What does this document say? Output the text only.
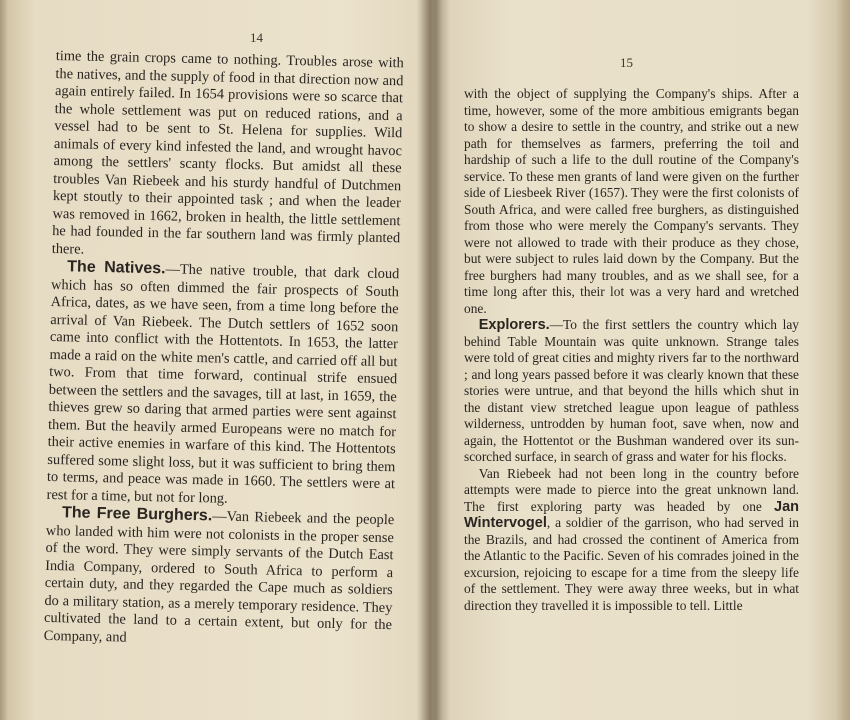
14

time the grain crops came to nothing. Troubles arose with the natives, and the supply of food in that direction now and again entirely failed. In 1654 provisions were so scarce that the whole settlement was put on reduced rations, and a vessel had to be sent to St. Helena for supplies. Wild animals of every kind infested the land, and wrought havoc among the settlers' scanty flocks. But amidst all these troubles Van Riebeek and his sturdy handful of Dutchmen kept stoutly to their appointed task ; and when the leader was removed in 1662, broken in health, the little settlement he had founded in the far southern land was firmly planted there.

The Natives.—The native trouble, that dark cloud which has so often dimmed the fair prospects of South Africa, dates, as we have seen, from a time long before the arrival of Van Riebeek. The Dutch settlers of 1652 soon came into conflict with the Hottentots. In 1653, the latter made a raid on the white men's cattle, and carried off all but two. From that time forward, continual strife ensued between the settlers and the savages, till at last, in 1659, the thieves grew so daring that armed parties were sent against them. But the heavily armed Europeans were no match for their active enemies in warfare of this kind. The Hottentots suffered some slight loss, but it was sufficient to bring them to terms, and peace was made in 1660. The settlers were at rest for a time, but not for long.

The Free Burghers.—Van Riebeek and the people who landed with him were not colonists in the proper sense of the word. They were simply servants of the Dutch East India Company, ordered to South Africa to perform a certain duty, and they regarded the Cape much as soldiers do a military station, as a merely temporary residence. They cultivated the land to a certain extent, but only for the Company, and

15

with the object of supplying the Company's ships. After a time, however, some of the more ambitious emigrants began to show a desire to settle in the country, and strike out a new path for themselves as farmers, preferring the toil and hardship of such a life to the dull routine of the Company's service. To these men grants of land were given on the further side of Liesbeek River (1657). They were the first colonists of South Africa, and were called free burghers, as distinguished from those who were merely the Company's servants. They were not allowed to trade with their produce as they chose, but were subject to rules laid down by the Company. But the free burghers had many troubles, and as we shall see, for a time long after this, their lot was a very hard and wretched one.

Explorers.—To the first settlers the country which lay behind Table Mountain was quite unknown. Strange tales were told of great cities and mighty rivers far to the northward ; and long years passed before it was clearly known that these stories were untrue, and that beyond the hills which shut in the distant view stretched league upon league of pathless wilderness, untrodden by human foot, save when, now and again, the Hottentot or the Bushman wandered over its sun-scorched surface, in search of grass and water for his flocks.

Van Riebeek had not been long in the country before attempts were made to pierce into the great unknown land. The first exploring party was headed by one Jan Wintervogel, a soldier of the garrison, who had served in the Brazils, and had crossed the continent of America from the Atlantic to the Pacific. Seven of his comrades joined in the excursion, rejoicing to escape for a time from the sleepy life of the settlement. They were away three weeks, but in what direction they travelled it is impossible to tell. Little
